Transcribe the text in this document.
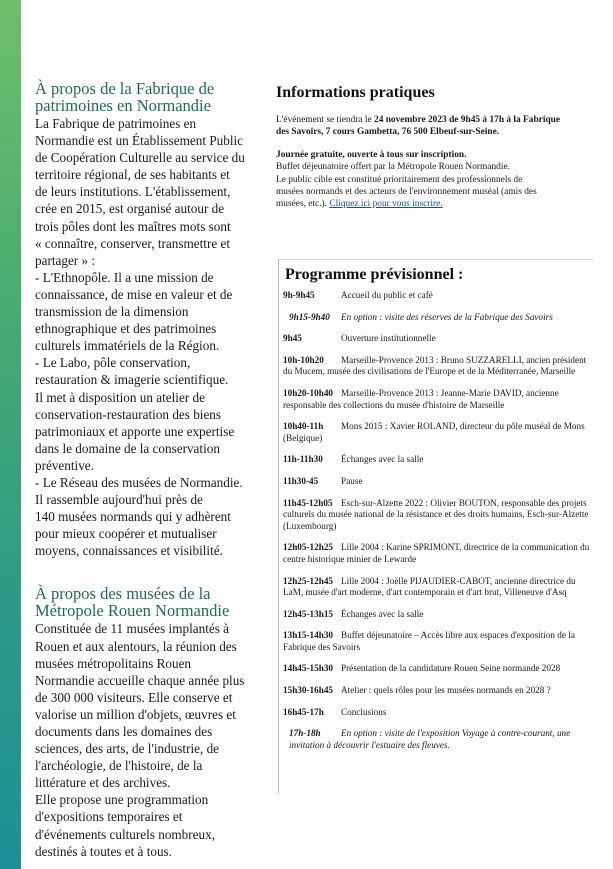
À propos de la Fabrique de
patrimoines en Normandie

La Fabrique de patrimoines en
Normandie est un Établissement Public
de Coopération Culturelle au service du
territoire régional, de ses habitants et
de leurs institutions. L'établissement,
crée en 2015, est organisé autour de
trois pôles dont les maîtres mots sont
« connaître, conserver, transmettre et
partager » :
- L'Ethnopôle. Il a une mission de
connaissance, de mise en valeur et de
transmission de la dimension
ethnographique et des patrimoines
culturels immatériels de la Région.
- Le Labo, pôle conservation,
restauration & imagerie scientifique.
Il met à disposition un atelier de
conservation-restauration des biens
patrimoniaux et apporte une expertise
dans le domaine de la conservation
préventive.
- Le Réseau des musées de Normandie.
Il rassemble aujourd'hui près de
140 musées normands qui y adhèrent
pour mieux coopérer et mutualiser
moyens, connaissances et visibilité.

À propos des musées de la
Métropole Rouen Normandie

Constituée de 11 musées implantés à
Rouen et aux alentours, la réunion des
musées métropolitains Rouen
Normandie accueille chaque année plus
de 300 000 visiteurs. Elle conserve et
valorise un million d'objets, œuvres et
documents dans les domaines des
sciences, des arts, de l'industrie, de
l'archéologie, de l'histoire, de la
littérature et des archives.
Elle propose une programmation
d'expositions temporaires et
d'événements culturels nombreux,
destinés à toutes et à tous.

Informations pratiques
L'événement se tiendra le 24 novembre 2023 de 9h45 à 17h à la Fabrique
des Savoirs, 7 cours Gambetta, 76 500 Elbeuf-sur-Seine.
Journée gratuite, ouverte à tous sur inscription.
Buffet déjeunatoire offert par la Métropole Rouen Normandie.
Le public cible est constitué prioritairement des professionnels de
musées normands et des acteurs de l'environnement muséal (amis des
musées, etc.). Cliquez ici pour vous inscrire.
Programme prévisionnel :
9h-9h45	Accueil du public et café
9h15-9h40 En option : visite des réserves de la Fabrique des Savoirs
9h45	Ouverture institutionnelle
10h-10h20 Marseille-Provence 2013 : Bruno SUZZARELLI, ancien président du Mucem, musée des civilisations de l'Europe et de la Méditerranée, Marseille
10h20-10h40 Marseille-Provence 2013 : Jeanne-Marie DAVID, ancienne responsable des collections du musée d'histoire de Marseille
10h40-11h Mons 2015 : Xavier ROLAND, directeur du pôle muséal de Mons (Belgique)
11h-11h30 Échanges avec la salle
11h30-45 Pause
11h45-12h05 Esch-sur-Alzette 2022 : Olivier BOUTON, responsable des projets culturels du musée national de la résistance et des droits humains, Esch-sur-Alzette (Luxembourg)
12h05-12h25 Lille 2004 : Karine SPRIMONT, directrice de la communication du centre historique minier de Lewarde
12h25-12h45 Lille 2004 : Joëlle PIJAUDIER-CABOT, ancienne directrice du LaM, musée d'art moderne, d'art contemporain et d'art brut, Villeneuve d'Asq
12h45-13h15 Échanges avec la salle
13h15-14h30 Buffet déjeunatoire – Accès libre aux espaces d'exposition de la Fabrique des Savoirs
14h45-15h30 Présentation de la candidature Rouen Seine normande 2028
15h30-16h45 Atelier : quels rôles pour les musées normands en 2028 ?
16h45-17h Conclusions
17h-18h En option : visite de l'exposition Voyage à contre-courant, une invitation à découvrir l'estuaire des fleuves.
